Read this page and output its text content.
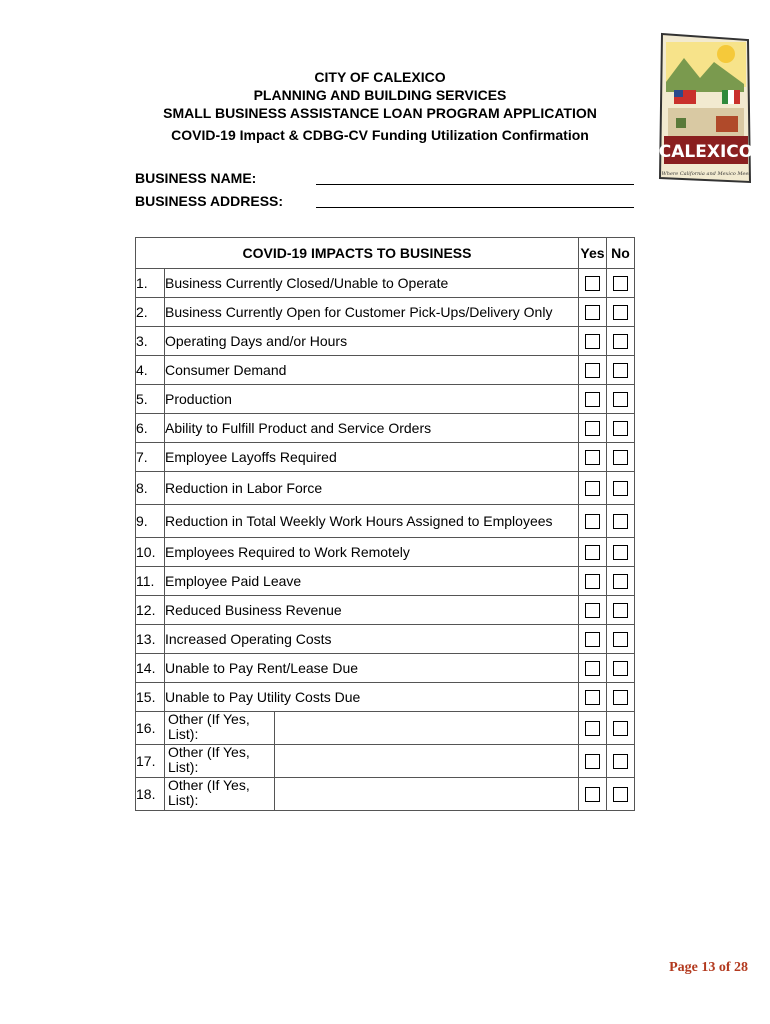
CITY OF CALEXICO
PLANNING AND BUILDING SERVICES
SMALL BUSINESS ASSISTANCE LOAN PROGRAM APPLICATION
COVID-19 Impact & CDBG-CV Funding Utilization Confirmation
CALEXICO
Where California and Mexico Meet
BUSINESS NAME:
BUSINESS ADDRESS:
COVID-19 IMPACTS TO BUSINESS		Yes	No
1.	Business Currently Closed/Unable to Operate		
2.	Business Currently Open for Customer Pick-Ups/Delivery Only		
3.	Operating Days and/or Hours		
4.	Consumer Demand		
5.	Production		
6.	Ability to Fulfill Product and Service Orders		
7.	Employee Layoffs Required		
8.	Reduction in Labor Force		
9.	Reduction in Total Weekly Work Hours Assigned to Employees		
10.	Employees Required to Work Remotely		
11.	Employee Paid Leave		
12.	Reduced Business Revenue		
13.	Increased Operating Costs		
14.	Unable to Pay Rent/Lease Due		
15.	Unable to Pay Utility Costs Due		
16.	Other (If Yes, List):		

17.	Other (If Yes, List):		

18.	Other (If Yes, List):		

Page 13 of 28
